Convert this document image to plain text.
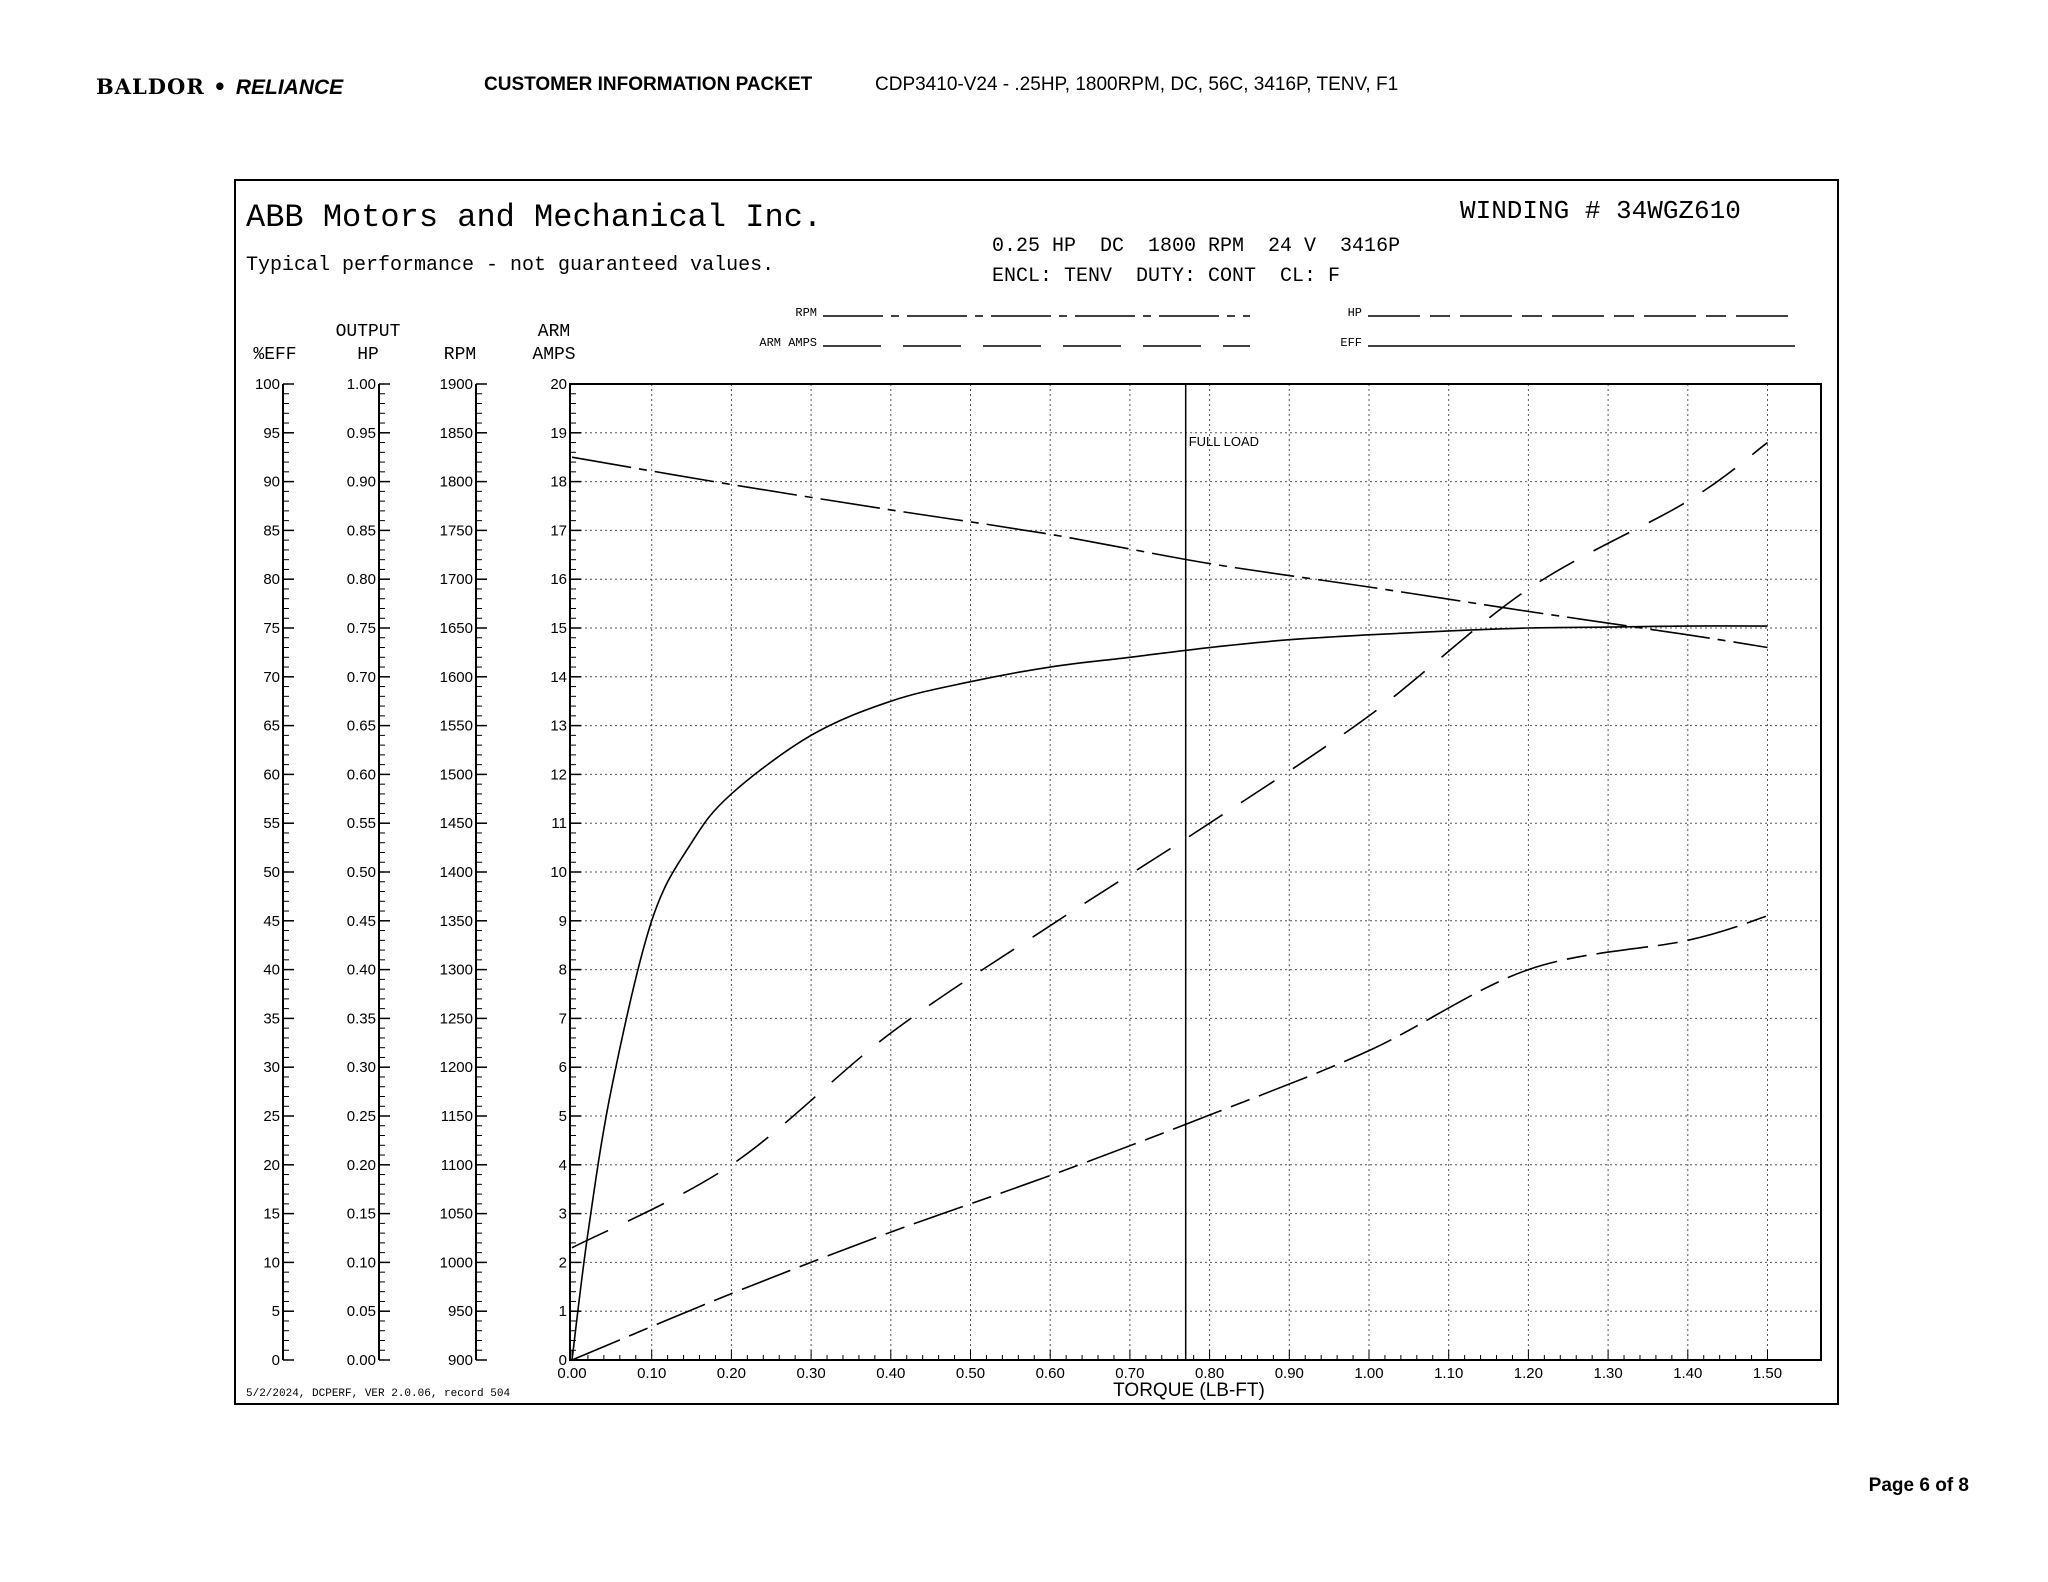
BALDOR • RELIANCE	CUSTOMER INFORMATION PACKET	CDP3410-V24 - .25HP, 1800RPM, DC, 56C, 3416P, TENV, F1
ABB Motors and Mechanical Inc.
Typical performance - not guaranteed values.
WINDING # 34WGZ610
0.25 HP  DC  1800 RPM  24 V  3416P
ENCL: TENV  DUTY: CONT  CL: F
RPM
ARM AMPS
HP
EFF
%EFF
OUTPUT
HP	RPM
ARM
AMPS
FULL LOAD
0
5
10
15
20
25
30
35
40
45
50
55
60
65
70
75
80
85
90
95
100
0.00
0.05
0.10
0.15
0.20
0.25
0.30
0.35
0.40
0.45
0.50
0.55
0.60
0.65
0.70
0.75
0.80
0.85
0.90
0.95
1.00
900
950
1000
1050
1100
1150
1200
1250
1300
1350
1400
1450
1500
1550
1600
1650
1700
1750
1800
1850
1900
0
1
2
3
4
5
6
7
8
9
10
11
12
13
14
15
16
17
18
19
20
0.00	0.10	0.20	0.30	0.40	0.50	0.60	0.70	0.80	0.90	1.00	1.10	1.20	1.30	1.40	1.50
TORQUE (LB-FT)
5/2/2024, DCPERF, VER 2.0.06, record 504
Page 6 of 8
